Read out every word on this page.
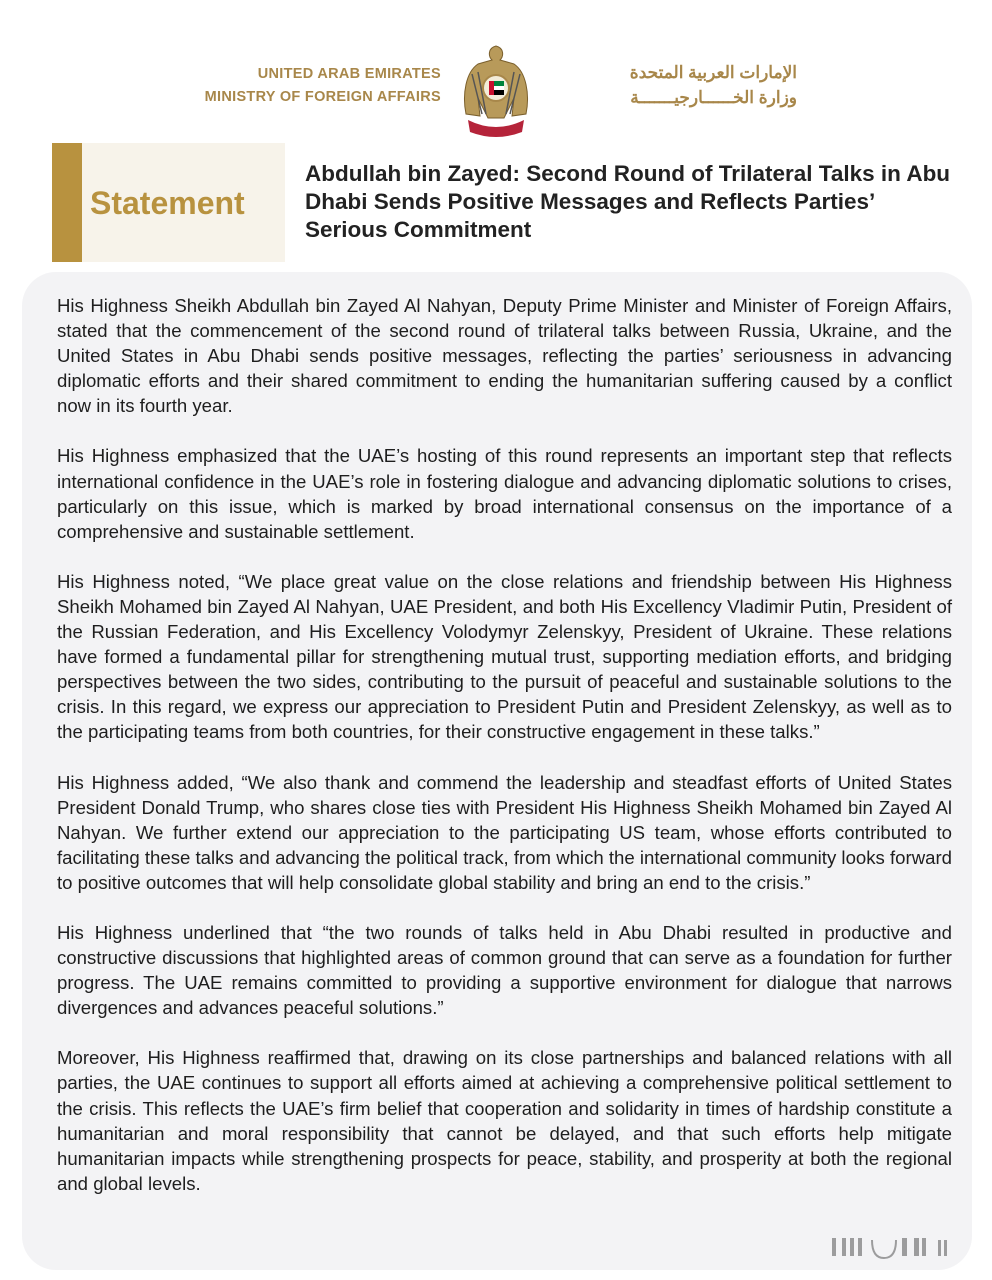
UNITED ARAB EMIRATES
MINISTRY OF FOREIGN AFFAIRS
الإمارات العربية المتحدة
وزارة الخــــــارجيـــــــة
Statement
Abdullah bin Zayed: Second Round of Trilateral Talks in Abu Dhabi Sends Positive Messages and Reflects Parties’ Serious Commitment

His Highness Sheikh Abdullah bin Zayed Al Nahyan, Deputy Prime Minister and Minister of Foreign Affairs, stated that the commencement of the second round of trilateral talks between Russia, Ukraine, and the United States in Abu Dhabi sends positive messages, reflecting the parties’ seriousness in advancing diplomatic efforts and their shared commitment to ending the humanitarian suffering caused by a conflict now in its fourth year.

His Highness emphasized that the UAE’s hosting of this round represents an important step that reflects international confidence in the UAE’s role in fostering dialogue and advancing diplomatic solutions to crises, particularly on this issue, which is marked by broad international consensus on the importance of a comprehensive and sustainable settlement.

His Highness noted, “We place great value on the close relations and friendship between His Highness Sheikh Mohamed bin Zayed Al Nahyan, UAE President, and both His Excellency Vladimir Putin, President of the Russian Federation, and His Excellency Volodymyr Zelenskyy, President of Ukraine. These relations have formed a fundamental pillar for strengthening mutual trust, supporting mediation efforts, and bridging perspectives between the two sides, contributing to the pursuit of peaceful and sustainable solutions to the crisis. In this regard, we express our appreciation to President Putin and President Zelenskyy, as well as to the participating teams from both countries, for their constructive engagement in these talks.”

His Highness added, “We also thank and commend the leadership and steadfast efforts of United States President Donald Trump, who shares close ties with President His Highness Sheikh Mohamed bin Zayed Al Nahyan. We further extend our appreciation to the participating US team, whose efforts contributed to facilitating these talks and advancing the political track, from which the international community looks forward to positive outcomes that will help consolidate global stability and bring an end to the crisis.”

His Highness underlined that “the two rounds of talks held in Abu Dhabi resulted in productive and constructive discussions that highlighted areas of common ground that can serve as a foundation for further progress. The UAE remains committed to providing a supportive environment for dialogue that narrows divergences and advances peaceful solutions.”

Moreover, His Highness reaffirmed that, drawing on its close partnerships and balanced relations with all parties, the UAE continues to support all efforts aimed at achieving a comprehensive political settlement to the crisis. This reflects the UAE’s firm belief that cooperation and solidarity in times of hardship constitute a humanitarian and moral responsibility that cannot be delayed, and that such efforts help mitigate humanitarian impacts while strengthening prospects for peace, stability, and prosperity at both the regional and global levels.
